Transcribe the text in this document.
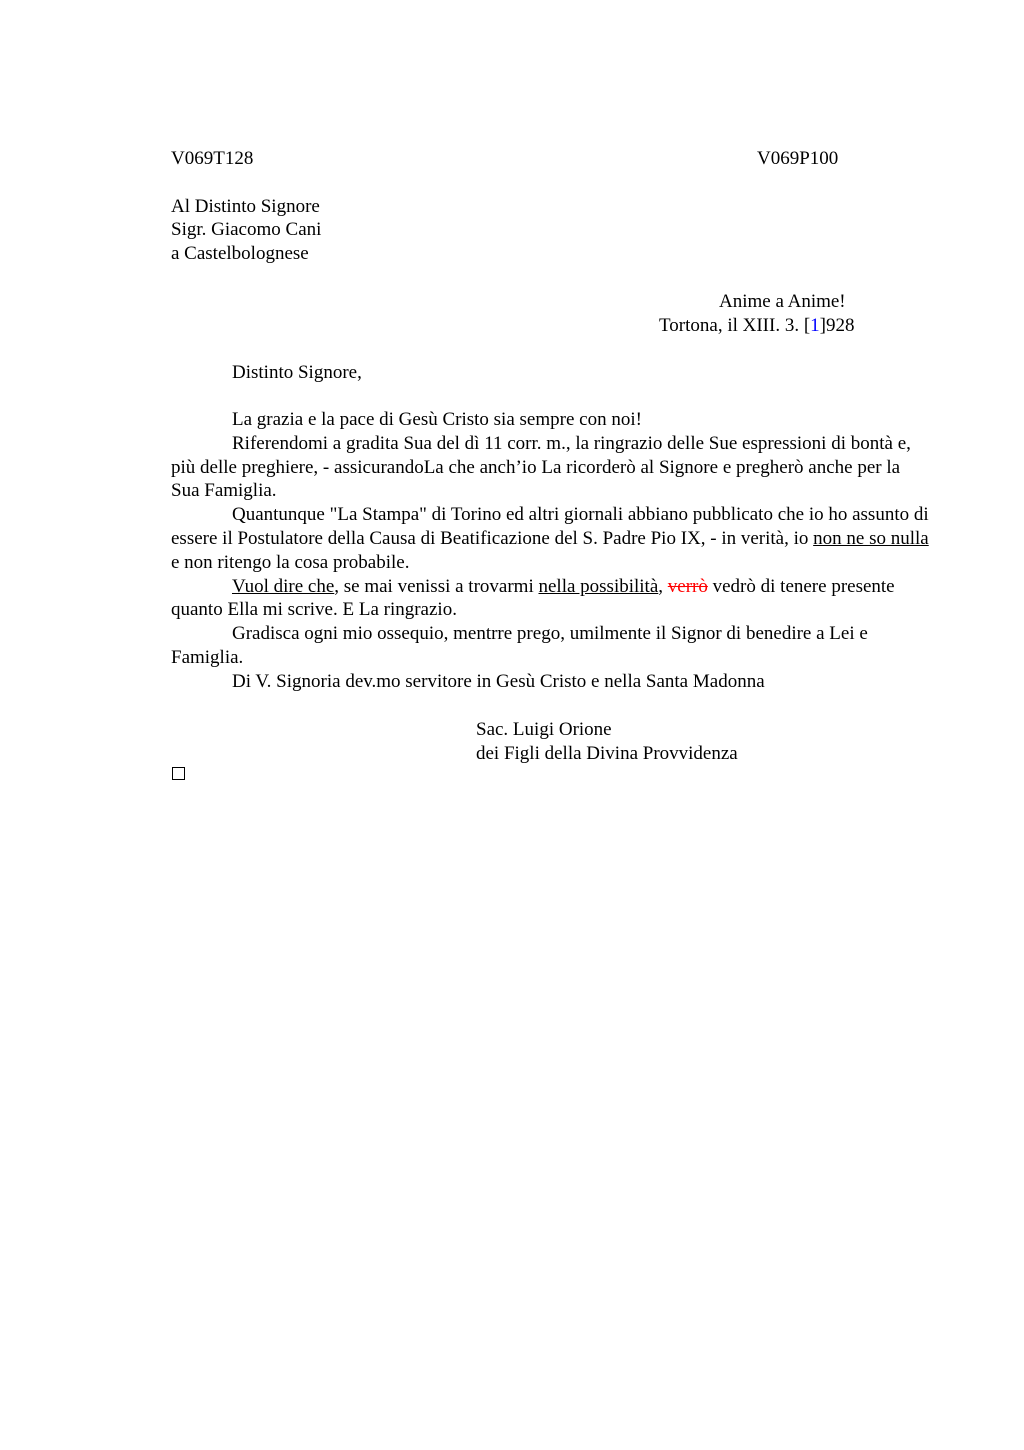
V069T128	V069P100
Al Distinto Signore
Sigr. Giacomo Cani
a Castelbolognese
Anime a Anime!
Tortona, il XIII. 3. [1]928
Distinto Signore,

La grazia e la pace di Gesù Cristo sia sempre con noi!

Riferendomi a gradita Sua del dì 11 corr. m., la ringrazio delle Sue espressioni di bontà e, più delle preghiere, - assicurandoLa che anch’io La ricorderò al Signore e pregherò anche per la Sua Famiglia.

Quantunque "La Stampa" di Torino ed altri giornali abbiano pubblicato che io ho assunto di essere il Postulatore della Causa di Beatificazione del S. Padre Pio IX, - in verità, io non ne so nulla e non ritengo la cosa probabile.

Vuol dire che, se mai venissi a trovarmi nella possibilità, verrò vedrò di tenere presente quanto Ella mi scrive. E La ringrazio.

Gradisca ogni mio ossequio, mentrre prego, umilmente il Signor di benedire a Lei e Famiglia.

Di V. Signoria dev.mo servitore in Gesù Cristo e nella Santa Madonna

Sac. Luigi Orione
dei Figli della Divina Provvidenza
